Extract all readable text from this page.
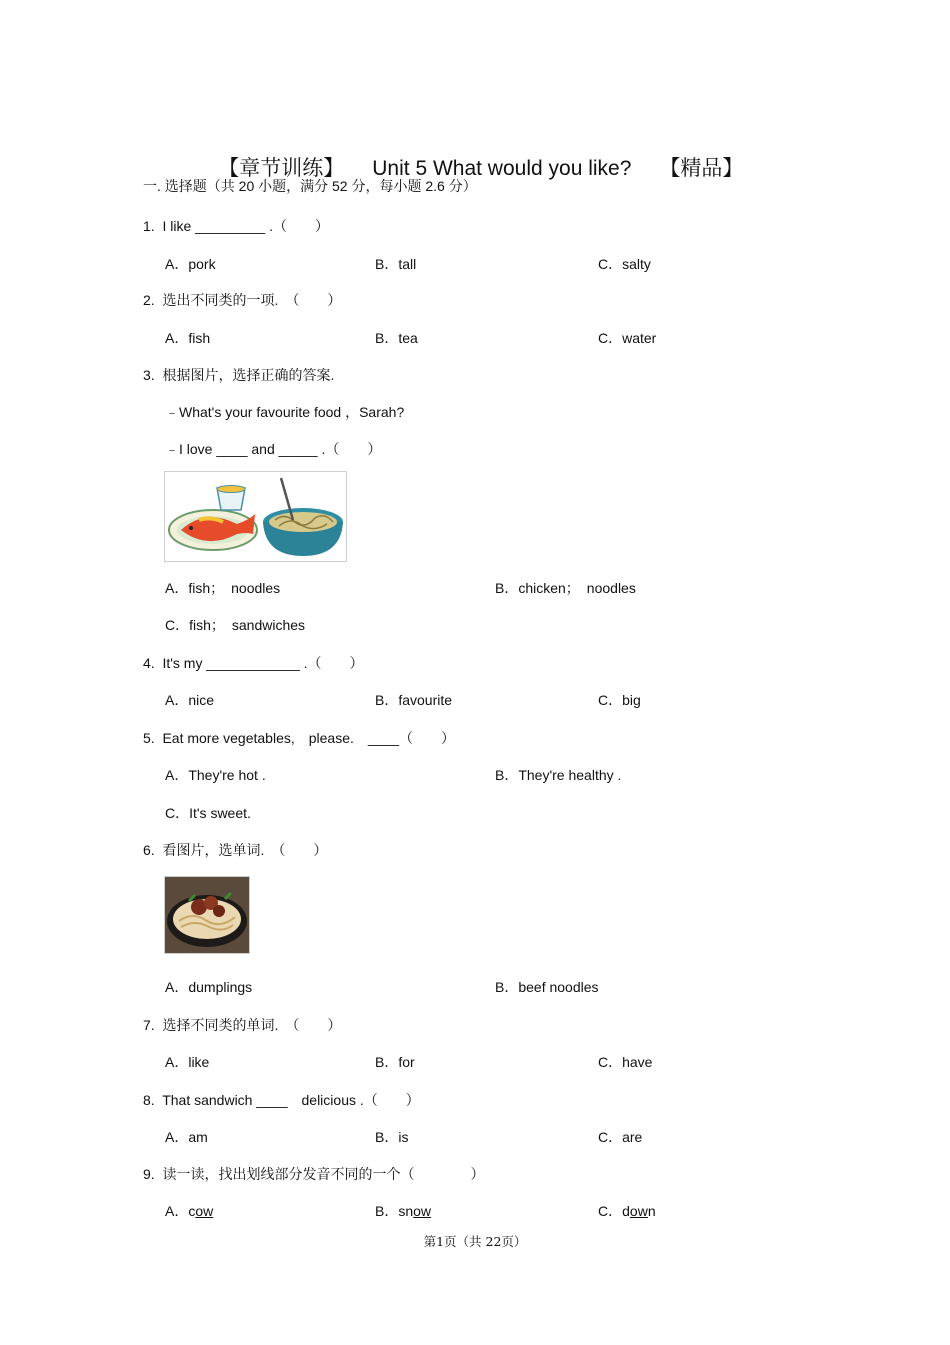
【章节训练】 Unit 5 What would you like? 【精品】

一. 选择题（共 20 小题，满分 52 分，每小题 2.6 分）
1.  I like _________ .（　　）
A．pork	B．tall	C．salty
2.  选出不同类的一项.　（　　）
A．fish	B．tea	C．water
3.  根据图片，选择正确的答案.
﹣What's your favourite food ，Sarah?
﹣I love ____ and _____ .（　　）
A．fish；　noodles	B．chicken；　noodles
C．fish；　sandwiches
4.  It's my ____________ .（　　）
A．nice	B．favourite	C．big
5.  Eat more vegetables,　please.　____（　　）
A．They're hot .	B．They're healthy .
C．It's sweet.
6.  看图片，选单词.　（　　）
A．dumplings	B．beef noodles
7.  选择不同类的单词.　（　　）
A．like	B．for	C．have
8.  That sandwich ____　delicious .（　　）
A．am	B．is	C．are
9.  读一读，找出划线部分发音不同的一个（　　　　）
A．cow	B．snow	C．down
第1页（共 22页）
